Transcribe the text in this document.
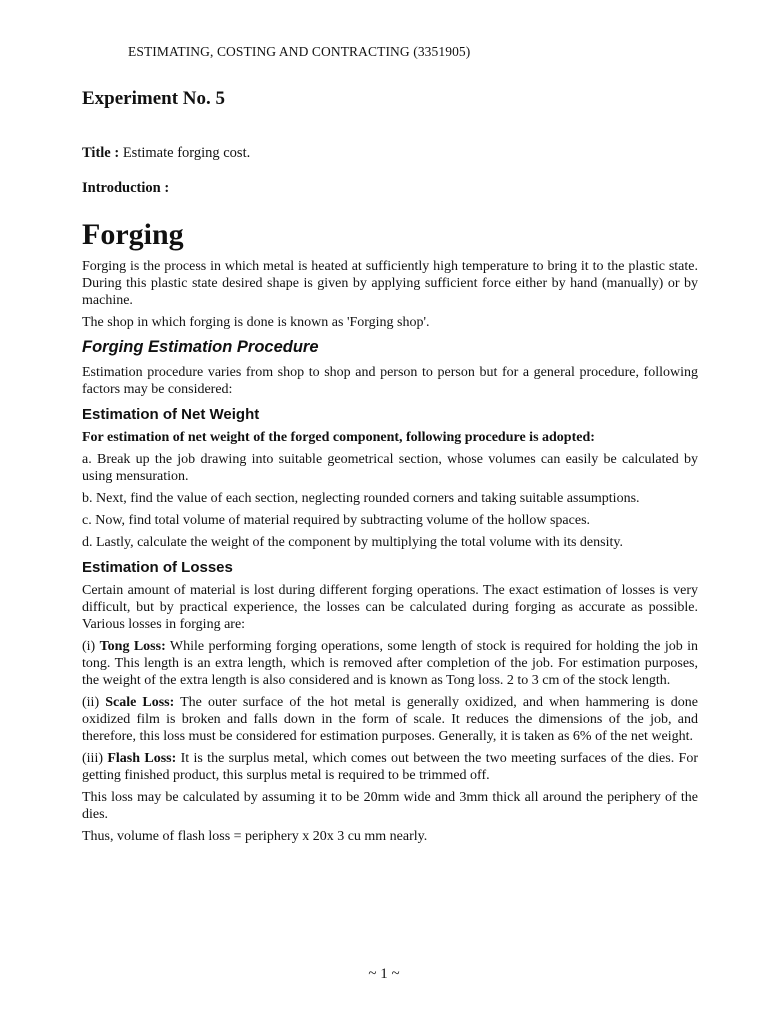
ESTIMATING, COSTING AND CONTRACTING (3351905)
Experiment No. 5
Title : Estimate forging cost.
Introduction :
Forging

Forging is the process in which metal is heated at sufficiently high temperature to bring it to the plastic state. During this plastic state desired shape is given by applying sufficient force either by hand (manually) or by machine.

The shop in which forging is done is known as 'Forging shop'.

Forging Estimation Procedure

Estimation procedure varies from shop to shop and person to person but for a general procedure, following factors may be considered:

Estimation of Net Weight

For estimation of net weight of the forged component, following procedure is adopted:

a. Break up the job drawing into suitable geometrical section, whose volumes can easily be calculated by using mensuration.

b. Next, find the value of each section, neglecting rounded corners and taking suitable assumptions.

c. Now, find total volume of material required by subtracting volume of the hollow spaces.

d. Lastly, calculate the weight of the component by multiplying the total volume with its density.

Estimation of Losses

Certain amount of material is lost during different forging operations. The exact estimation of losses is very difficult, but by practical experience, the losses can be calculated during forging as accurate as possible. Various losses in forging are:

(i) Tong Loss: While performing forging operations, some length of stock is required for holding the job in tong. This length is an extra length, which is removed after completion of the job. For estimation purposes, the weight of the extra length is also considered and is known as Tong loss. 2 to 3 cm of the stock length.

(ii) Scale Loss: The outer surface of the hot metal is generally oxidized, and when hammering is done oxidized film is broken and falls down in the form of scale. It reduces the dimensions of the job, and therefore, this loss must be considered for estimation purposes. Generally, it is taken as 6% of the net weight.

(iii) Flash Loss: It is the surplus metal, which comes out between the two meeting surfaces of the dies. For getting finished product, this surplus metal is required to be trimmed off.

This loss may be calculated by assuming it to be 20mm wide and 3mm thick all around the periphery of the dies.

Thus, volume of flash loss = periphery x 20x 3 cu mm nearly.

~ 1 ~
